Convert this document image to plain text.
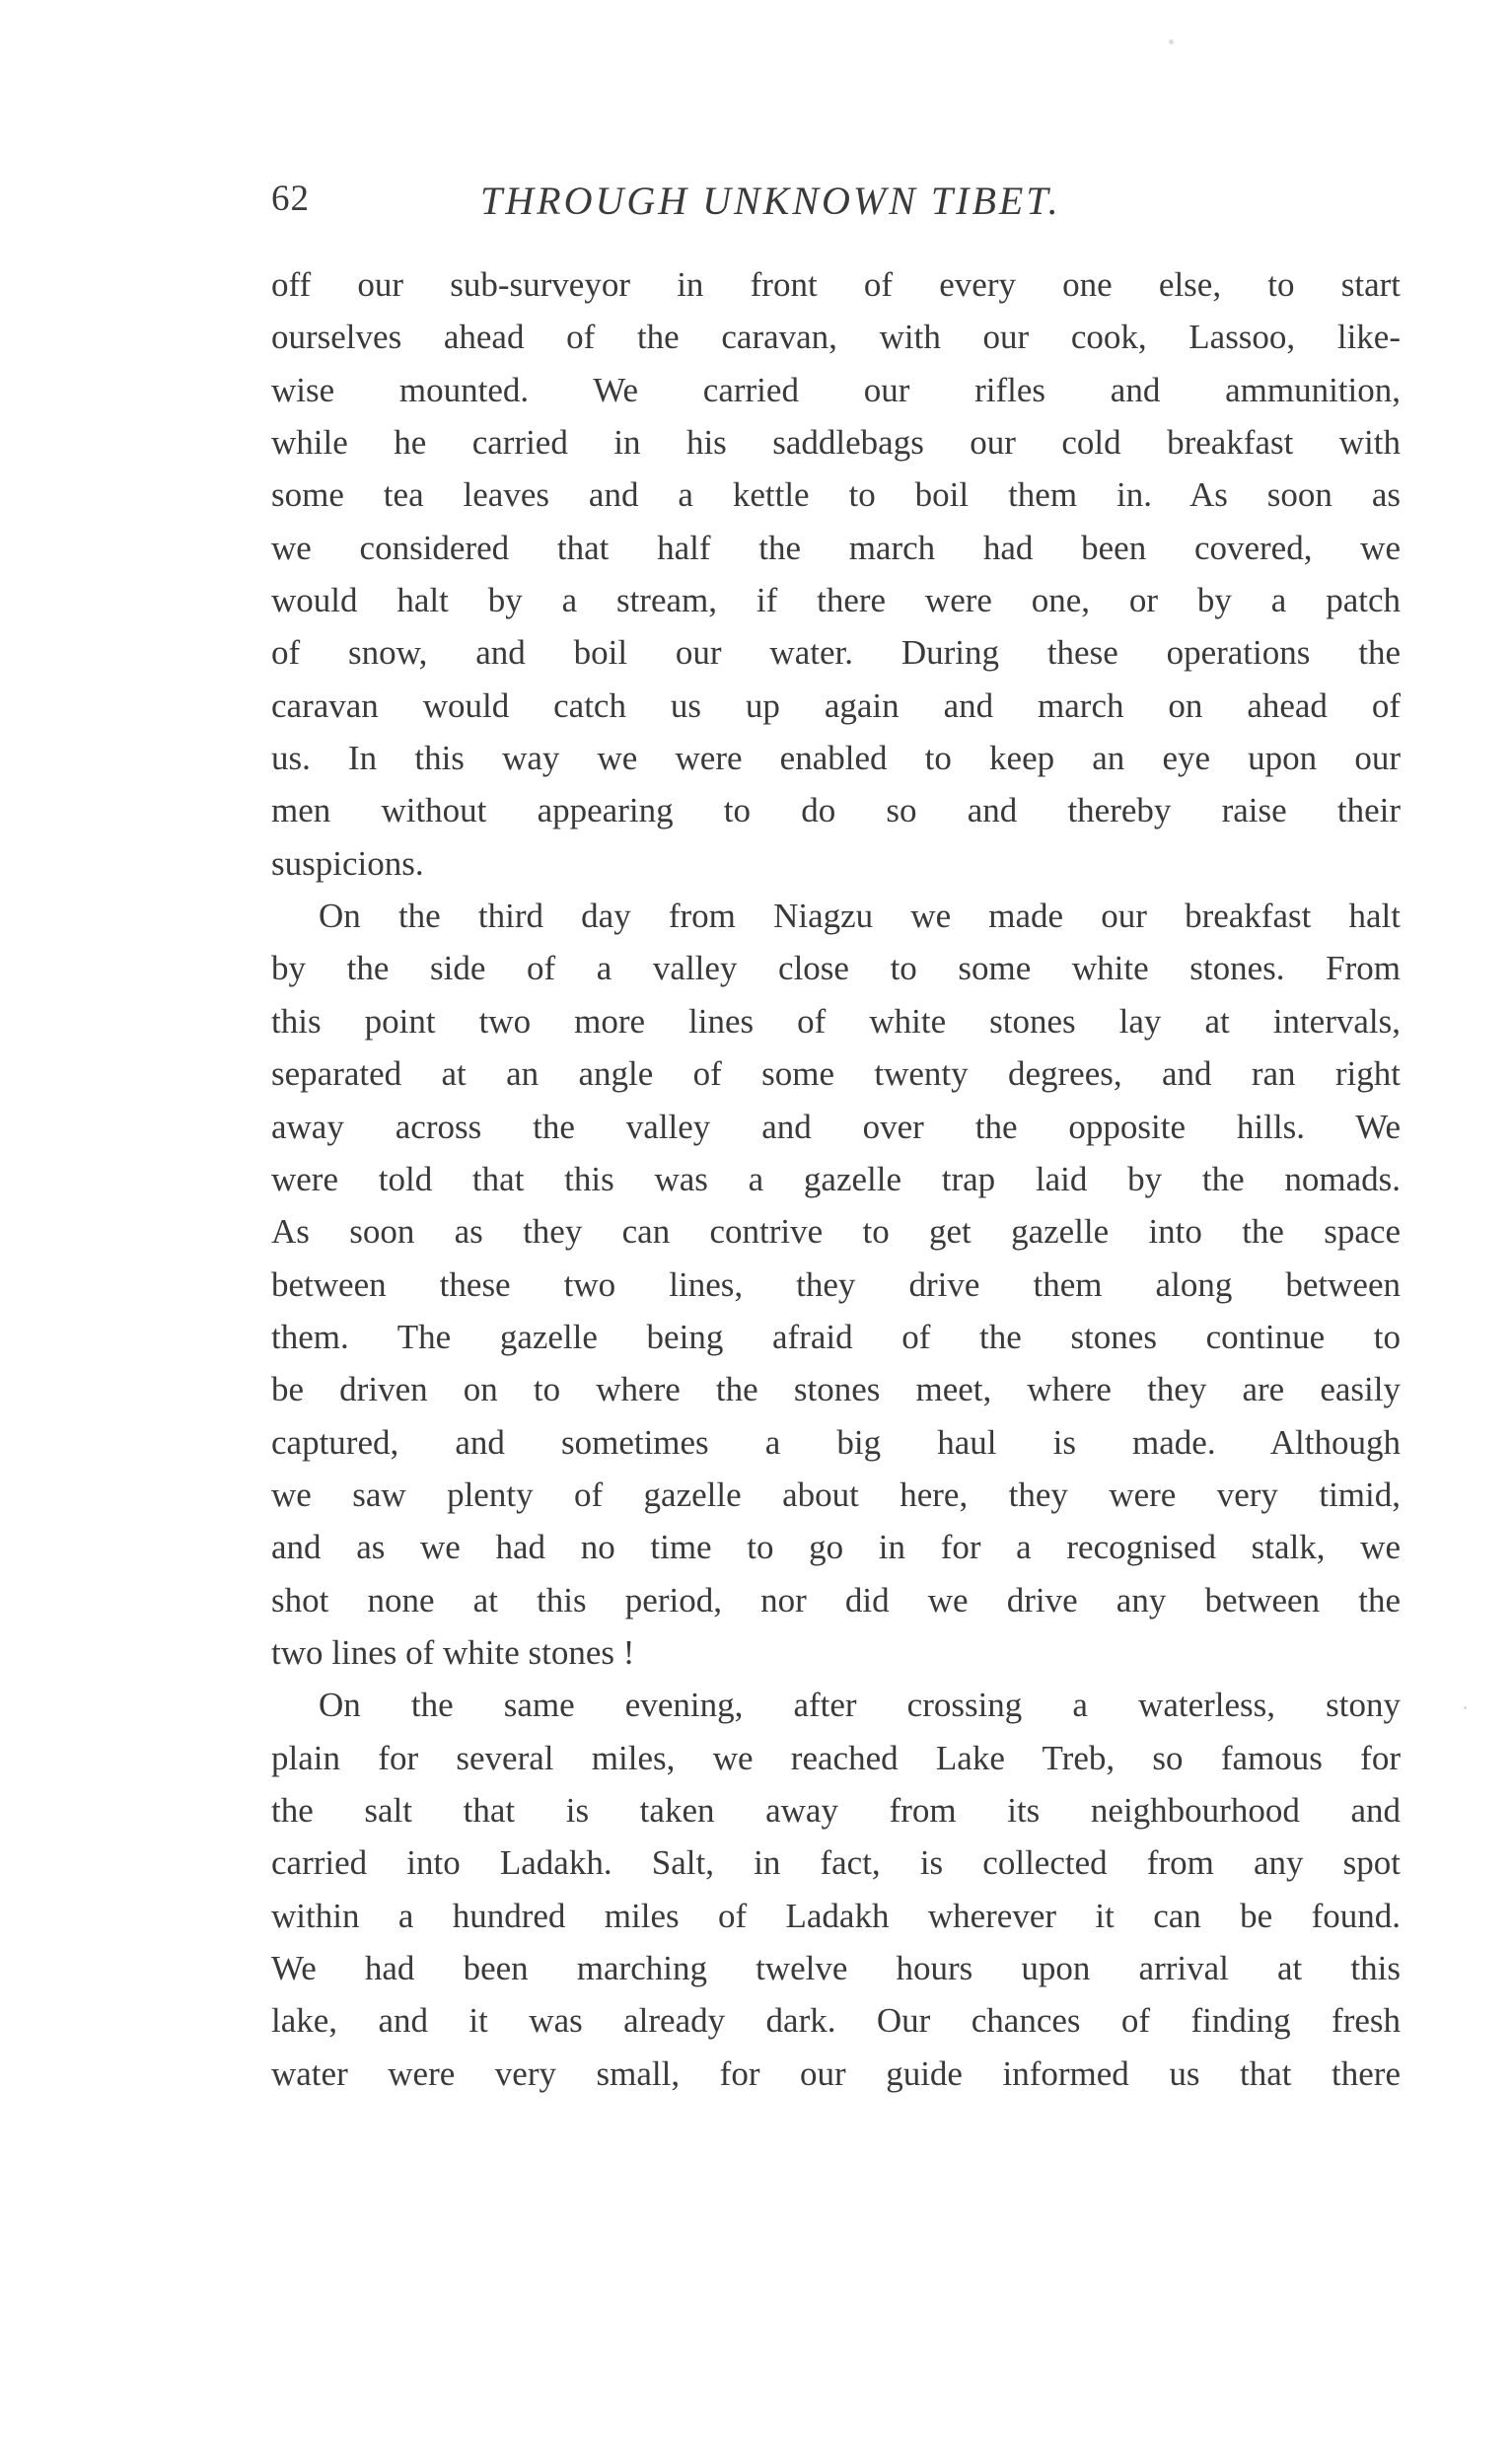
62	THROUGH UNKNOWN TIBET.
off our sub-surveyor in front of every one else, to start
ourselves ahead of the caravan, with our cook, Lassoo, like-
wise mounted. We carried our rifles and ammunition,
while he carried in his saddlebags our cold breakfast with
some tea leaves and a kettle to boil them in. As soon as
we considered that half the march had been covered, we
would halt by a stream, if there were one, or by a patch
of snow, and boil our water. During these operations the
caravan would catch us up again and march on ahead of
us. In this way we were enabled to keep an eye upon our
men without appearing to do so and thereby raise their
suspicions.
On the third day from Niagzu we made our breakfast halt
by the side of a valley close to some white stones. From
this point two more lines of white stones lay at intervals,
separated at an angle of some twenty degrees, and ran right
away across the valley and over the opposite hills. We
were told that this was a gazelle trap laid by the nomads.
As soon as they can contrive to get gazelle into the space
between these two lines, they drive them along between
them. The gazelle being afraid of the stones continue to
be driven on to where the stones meet, where they are easily
captured, and sometimes a big haul is made. Although
we saw plenty of gazelle about here, they were very timid,
and as we had no time to go in for a recognised stalk, we
shot none at this period, nor did we drive any between the
two lines of white stones !
On the same evening, after crossing a waterless, stony
plain for several miles, we reached Lake Treb, so famous for
the salt that is taken away from its neighbourhood and
carried into Ladakh. Salt, in fact, is collected from any spot
within a hundred miles of Ladakh wherever it can be found.
We had been marching twelve hours upon arrival at this
lake, and it was already dark. Our chances of finding fresh
water were very small, for our guide informed us that there
